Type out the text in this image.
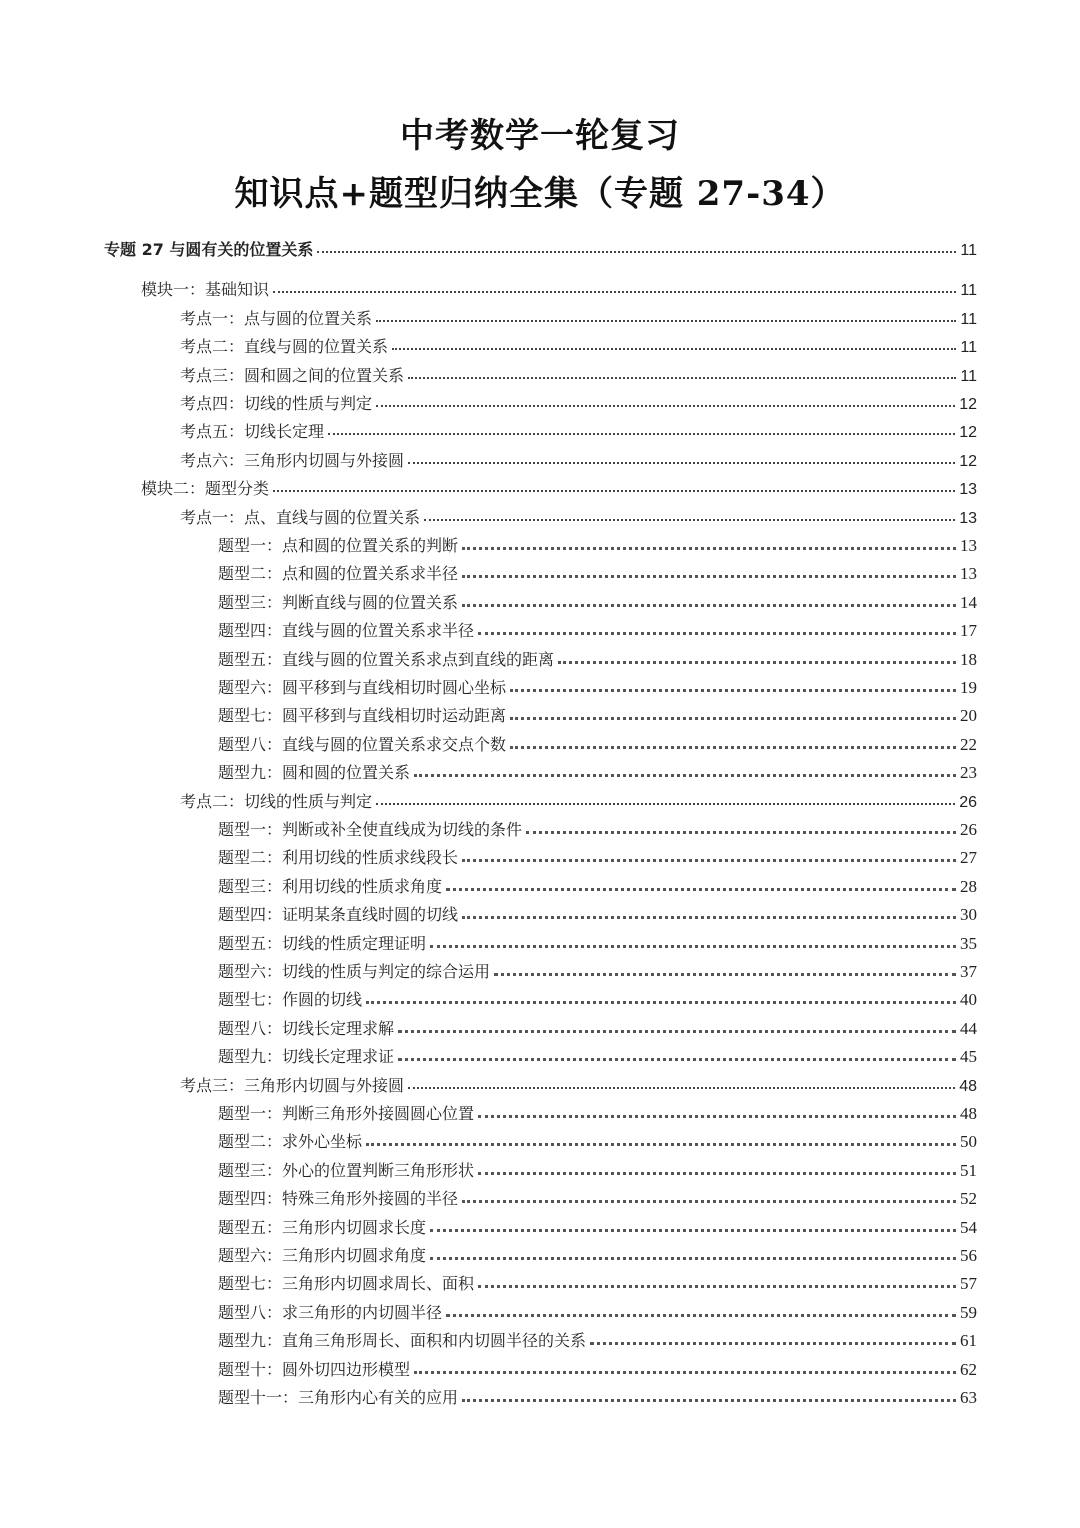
中考数学一轮复习
知识点+题型归纳全集（专题 27-34）
专题 27 与圆有关的位置关系	11
模块一：基础知识	11
考点一：点与圆的位置关系	11
考点二：直线与圆的位置关系	11
考点三：圆和圆之间的位置关系	11
考点四：切线的性质与判定	12
考点五：切线长定理	12
考点六：三角形内切圆与外接圆	12
模块二：题型分类	13
考点一：点、直线与圆的位置关系	13
题型一：点和圆的位置关系的判断	13
题型二：点和圆的位置关系求半径	13
题型三：判断直线与圆的位置关系	14
题型四：直线与圆的位置关系求半径	17
题型五：直线与圆的位置关系求点到直线的距离	18
题型六：圆平移到与直线相切时圆心坐标	19
题型七：圆平移到与直线相切时运动距离	20
题型八：直线与圆的位置关系求交点个数	22
题型九：圆和圆的位置关系	23
考点二：切线的性质与判定	26
题型一：判断或补全使直线成为切线的条件	26
题型二：利用切线的性质求线段长	27
题型三：利用切线的性质求角度	28
题型四：证明某条直线时圆的切线	30
题型五：切线的性质定理证明	35
题型六：切线的性质与判定的综合运用	37
题型七：作圆的切线	40
题型八：切线长定理求解	44
题型九：切线长定理求证	45
考点三：三角形内切圆与外接圆	48
题型一：判断三角形外接圆圆心位置	48
题型二：求外心坐标	50
题型三：外心的位置判断三角形形状	51
题型四：特殊三角形外接圆的半径	52
题型五：三角形内切圆求长度	54
题型六：三角形内切圆求角度	56
题型七：三角形内切圆求周长、面积	57
题型八：求三角形的内切圆半径	59
题型九：直角三角形周长、面积和内切圆半径的关系	61
题型十：圆外切四边形模型	62
题型十一：三角形内心有关的应用	63
